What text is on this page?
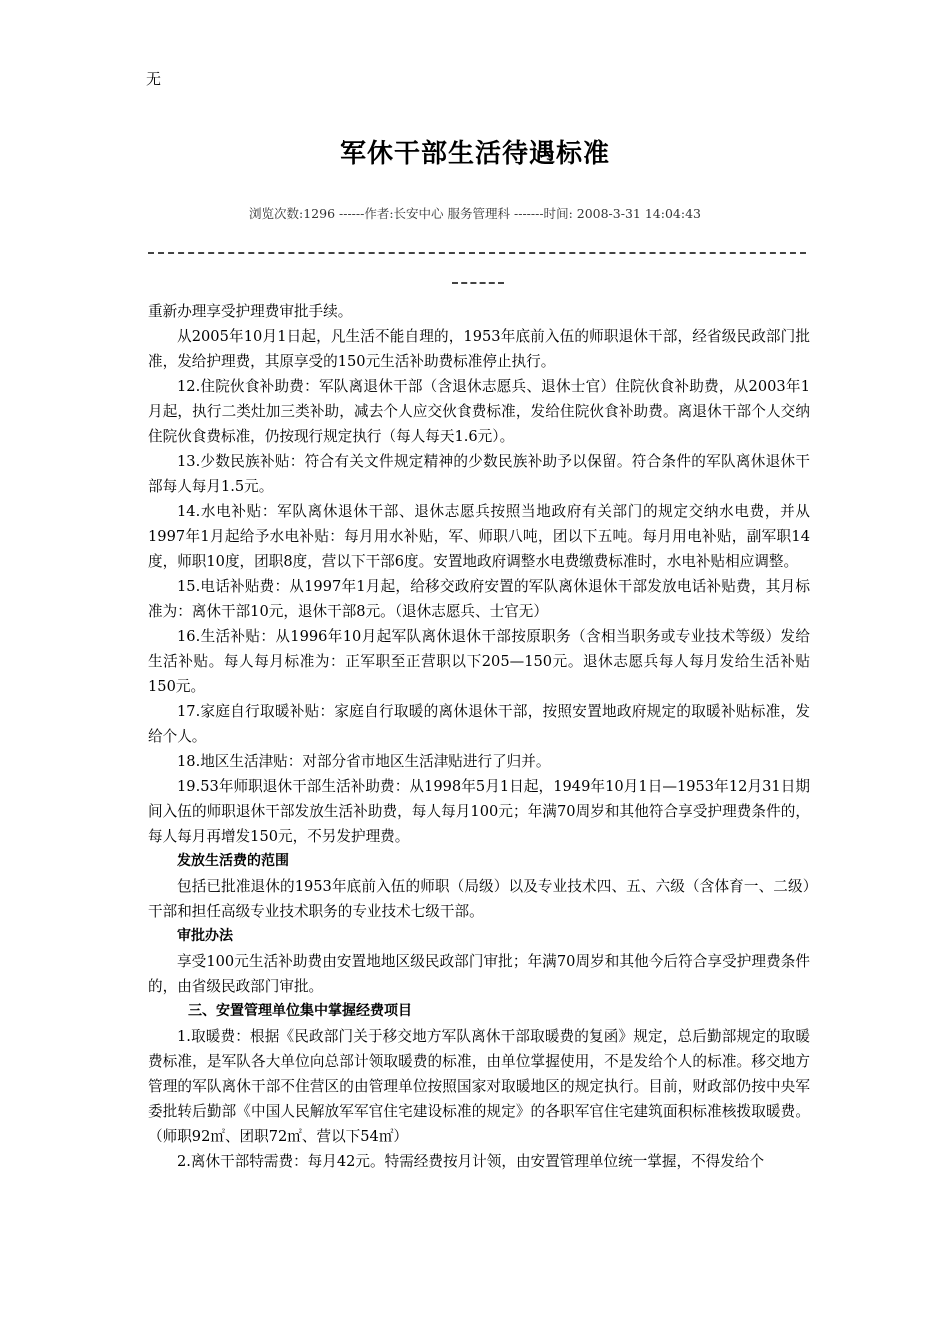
无
军休干部生活待遇标准
浏览次数:1296 ------作者:长安中心 服务管理科 -------时间: 2008-3-31 14:04:43

重新办理享受护理费审批手续。

从2005年10月1日起，凡生活不能自理的，1953年底前入伍的师职退休干部，经省级民政部门批准，发给护理费，其原享受的150元生活补助费标准停止执行。

12.住院伙食补助费：军队离退休干部（含退休志愿兵、退休士官）住院伙食补助费，从2003年1月起，执行二类灶加三类补助，减去个人应交伙食费标准，发给住院伙食补助费。离退休干部个人交纳住院伙食费标准，仍按现行规定执行（每人每天1.6元）。

13.少数民族补贴：符合有关文件规定精神的少数民族补助予以保留。符合条件的军队离休退休干部每人每月1.5元。

14.水电补贴：军队离休退休干部、退休志愿兵按照当地政府有关部门的规定交纳水电费，并从1997年1月起给予水电补贴：每月用水补贴，军、师职八吨，团以下五吨。每月用电补贴，副军职14度，师职10度，团职8度，营以下干部6度。安置地政府调整水电费缴费标准时，水电补贴相应调整。

15.电话补贴费：从1997年1月起，给移交政府安置的军队离休退休干部发放电话补贴费，其月标准为：离休干部10元，退休干部8元。（退休志愿兵、士官无）

16.生活补贴：从1996年10月起军队离休退休干部按原职务（含相当职务或专业技术等级）发给生活补贴。每人每月标准为：正军职至正营职以下205—150元。退休志愿兵每人每月发给生活补贴150元。

17.家庭自行取暖补贴：家庭自行取暖的离休退休干部，按照安置地政府规定的取暖补贴标准，发给个人。

18.地区生活津贴：对部分省市地区生活津贴进行了归并。

19.53年师职退休干部生活补助费：从1998年5月1日起，1949年10月1日—1953年12月31日期间入伍的师职退休干部发放生活补助费，每人每月100元；年满70周岁和其他符合享受护理费条件的，每人每月再增发150元，不另发护理费。

发放生活费的范围

包括已批准退休的1953年底前入伍的师职（局级）以及专业技术四、五、六级（含体育一、二级）干部和担任高级专业技术职务的专业技术七级干部。

审批办法

享受100元生活补助费由安置地地区级民政部门审批；年满70周岁和其他今后符合享受护理费条件的，由省级民政部门审批。

三、安置管理单位集中掌握经费项目

1.取暖费：根据《民政部门关于移交地方军队离休干部取暖费的复函》规定，总后勤部规定的取暖费标准，是军队各大单位向总部计领取暖费的标准，由单位掌握使用，不是发给个人的标准。移交地方管理的军队离休干部不住营区的由管理单位按照国家对取暖地区的规定执行。目前，财政部仍按中央军委批转后勤部《中国人民解放军军官住宅建设标准的规定》的各职军官住宅建筑面积标准核拨取暖费。（师职92㎡、团职72㎡、营以下54㎡）

2.离休干部特需费：每月42元。特需经费按月计领，由安置管理单位统一掌握，不得发给个
